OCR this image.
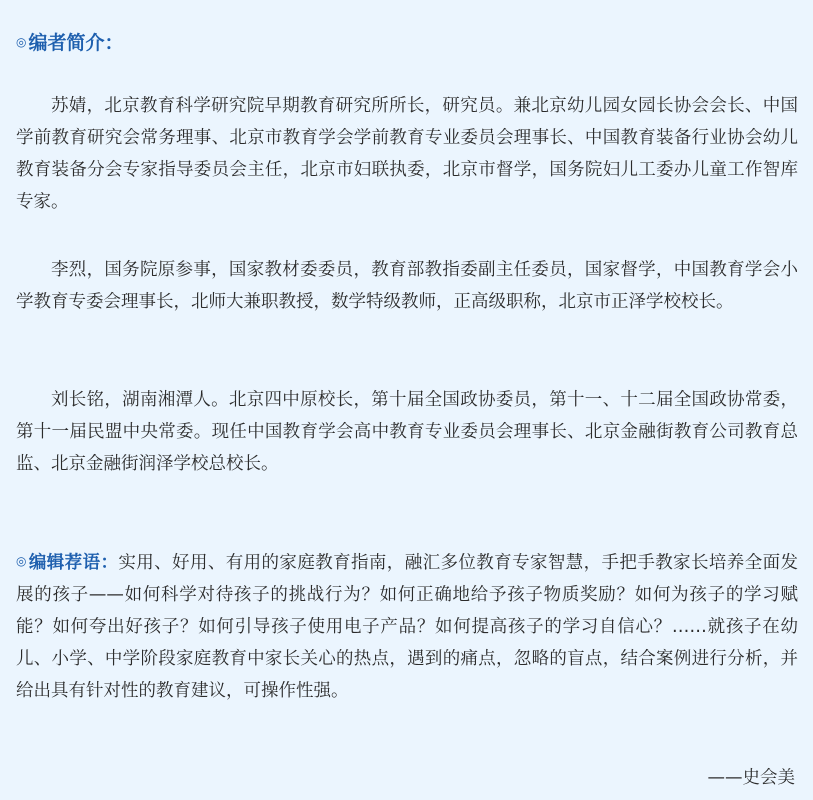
◎ 编者简介：

苏婧，北京教育科学研究院早期教育研究所所长，研究员。兼北京幼儿园女园长协会会长、中国学前教育研究会常务理事、北京市教育学会学前教育专业委员会理事长、中国教育装备行业协会幼儿教育装备分会专家指导委员会主任，北京市妇联执委，北京市督学，国务院妇儿工委办儿童工作智库专家。

李烈，国务院原参事，国家教材委委员，教育部教指委副主任委员，国家督学，中国教育学会小学教育专委会理事长，北师大兼职教授，数学特级教师，正高级职称，北京市正泽学校校长。

刘长铭，湖南湘潭人。北京四中原校长，第十届全国政协委员，第十一、十二届全国政协常委，第十一届民盟中央常委。现任中国教育学会高中教育专业委员会理事长、北京金融街教育公司教育总监、北京金融街润泽学校总校长。

◎ 编辑荐语：实用、好用、有用的家庭教育指南，融汇多位教育专家智慧，手把手教家长培养全面发展的孩子——如何科学对待孩子的挑战行为？如何正确地给予孩子物质奖励？如何为孩子的学习赋能？如何夸出好孩子？如何引导孩子使用电子产品？如何提高孩子的学习自信心？……就孩子在幼儿、小学、中学阶段家庭教育中家长关心的热点，遇到的痛点，忽略的盲点，结合案例进行分析，并给出具有针对性的教育建议，可操作性强。

——史会美
